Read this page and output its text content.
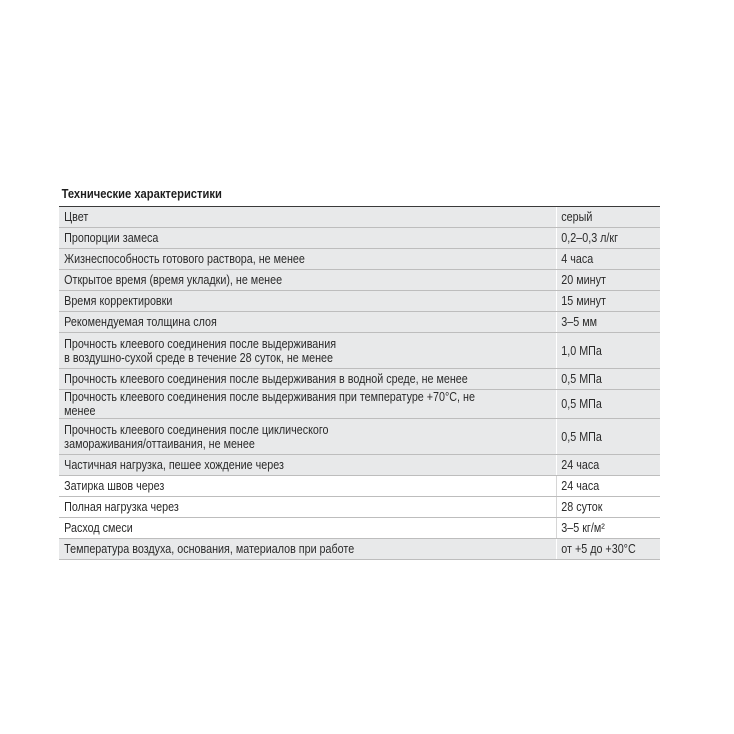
Технические характеристики
Цвет	серый

Пропорции замеса	0,2–0,3 л/кг

Жизнеспособность готового раствора, не менее	4 часа

Открытое время (время укладки), не менее	20 минут

Время корректировки	15 минут

Рекомендуемая толщина слоя	3–5 мм

Прочность клеевого соединения после выдерживания
в воздушно-сухой среде в течение 28 суток, не менее	1,0 МПа

Прочность клеевого соединения после выдерживания в водной среде, не менее	0,5 МПа

Прочность клеевого соединения после выдерживания при температуре +70°С, не менее	0,5 МПа

Прочность клеевого соединения после циклического
замораживания/оттаивания, не менее	0,5 МПа

Частичная нагрузка, пешее хождение через	24 часа

Затирка швов через	24 часа

Полная нагрузка через	28 суток

Расход смеси	3–5 кг/м²

Температура воздуха, основания, материалов при работе	от +5 до +30°С
